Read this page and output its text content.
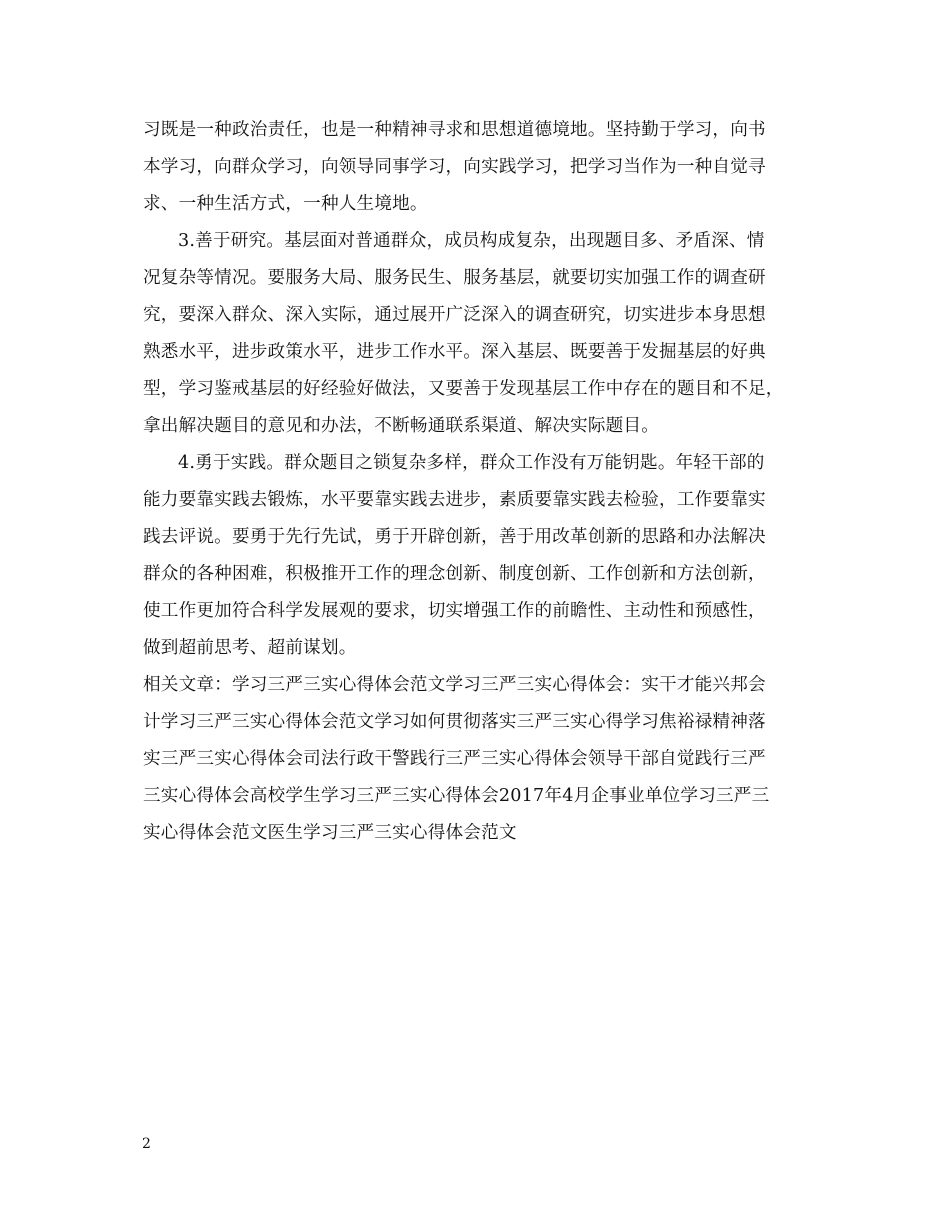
习既是一种政治责任，也是一种精神寻求和思想道德境地。坚持勤于学习，向书
本学习，向群众学习，向领导同事学习，向实践学习，把学习当作为一种自觉寻
求、一种生活方式，一种人生境地。
3.善于研究。基层面对普通群众，成员构成复杂，出现题目多、矛盾深、情
况复杂等情况。要服务大局、服务民生、服务基层，就要切实加强工作的调查研
究，要深入群众、深入实际，通过展开广泛深入的调查研究，切实进步本身思想
熟悉水平，进步政策水平，进步工作水平。深入基层、既要善于发掘基层的好典
型，学习鉴戒基层的好经验好做法，又要善于发现基层工作中存在的题目和不足，
拿出解决题目的意见和办法，不断畅通联系渠道、解决实际题目。
4.勇于实践。群众题目之锁复杂多样，群众工作没有万能钥匙。年轻干部的
能力要靠实践去锻炼，水平要靠实践去进步，素质要靠实践去检验，工作要靠实
践去评说。要勇于先行先试，勇于开辟创新，善于用改革创新的思路和办法解决
群众的各种困难，积极推开工作的理念创新、制度创新、工作创新和方法创新，
使工作更加符合科学发展观的要求，切实增强工作的前瞻性、主动性和预感性，
做到超前思考、超前谋划。
相关文章：学习三严三实心得体会范文学习三严三实心得体会：实干才能兴邦会
计学习三严三实心得体会范文学习如何贯彻落实三严三实心得学习焦裕禄精神落
实三严三实心得体会司法行政干警践行三严三实心得体会领导干部自觉践行三严
三实心得体会高校学生学习三严三实心得体会2017年4月企事业单位学习三严三
实心得体会范文医生学习三严三实心得体会范文
2
